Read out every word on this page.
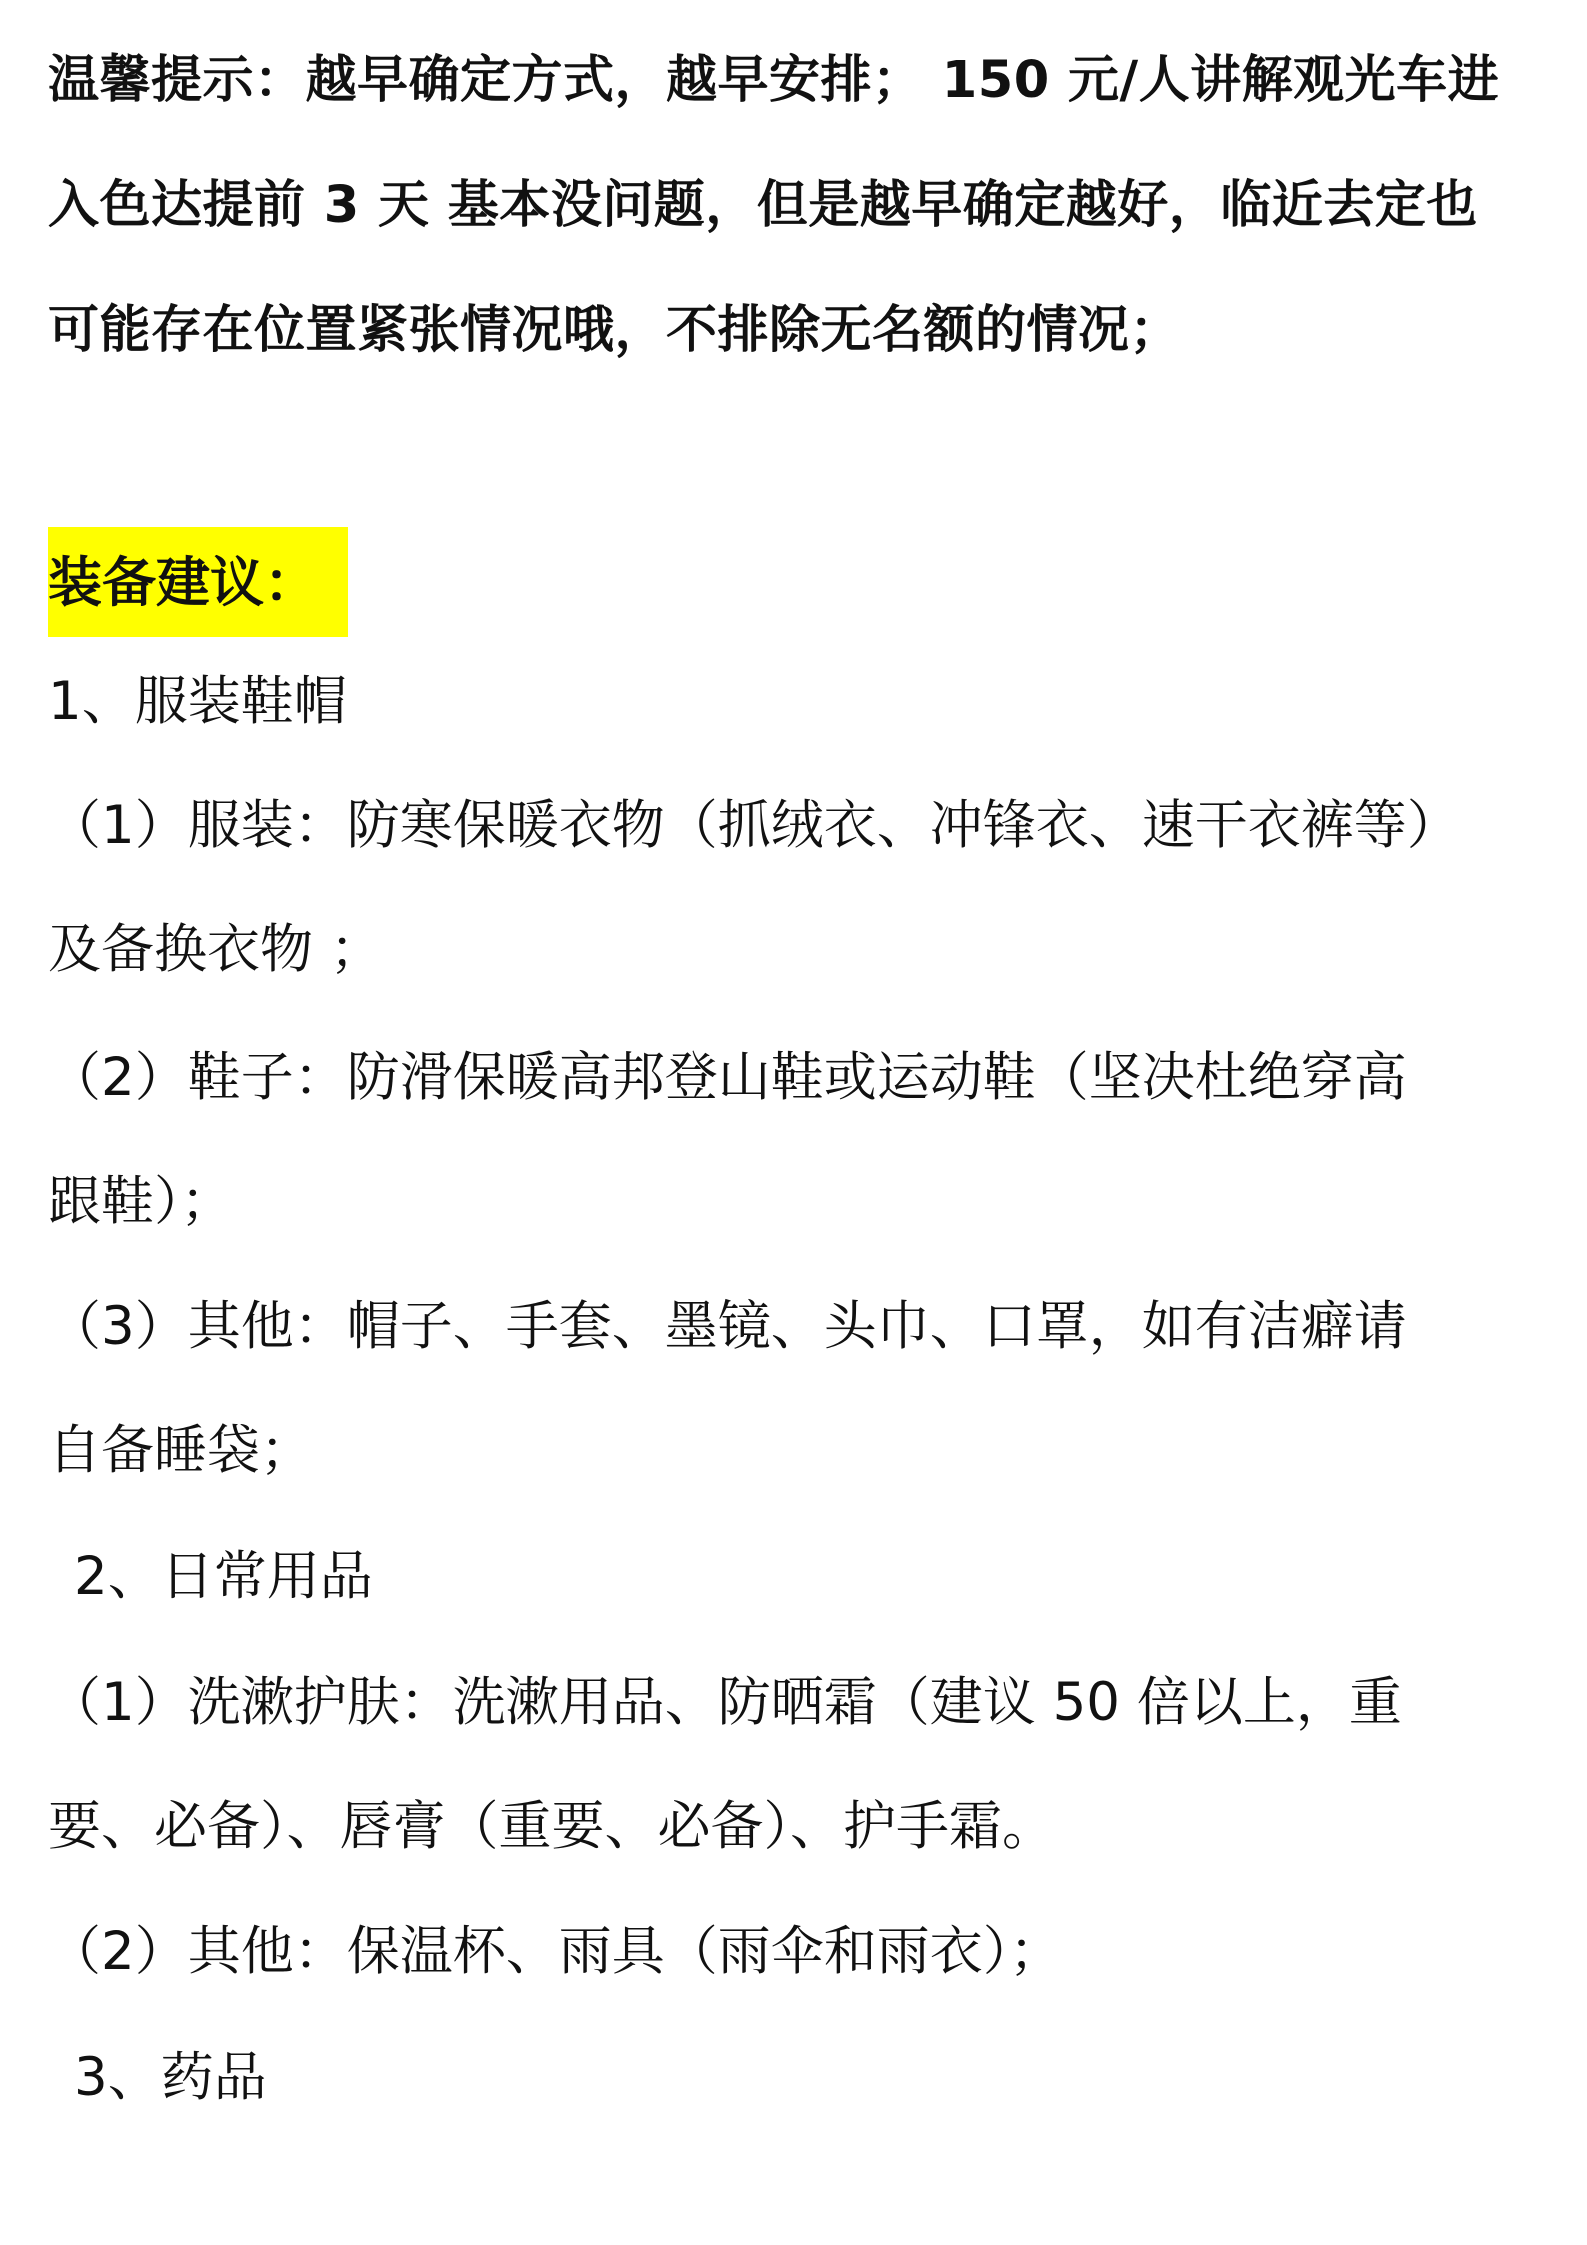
温馨提示：越早确定方式，越早安排； 150 元/人讲解观光车进

入色达提前 3 天 基本没问题，但是越早确定越好，临近去定也

可能存在位置紧张情况哦，不排除无名额的情况；

装备建议：
1、服装鞋帽
（1）服装：防寒保暖衣物（抓绒衣、冲锋衣、速干衣裤等）
及备换衣物 ；
（2）鞋子：防滑保暖高邦登山鞋或运动鞋（坚决杜绝穿高
跟鞋）；
（3）其他：帽子、手套、墨镜、头巾、口罩，如有洁癖请
自备睡袋；
2、日常用品
（1）洗漱护肤：洗漱用品、防晒霜（建议 50 倍以上，重
要、必备）、唇膏（重要、必备）、护手霜。
（2）其他：保温杯、雨具（雨伞和雨衣）；
3、药品
